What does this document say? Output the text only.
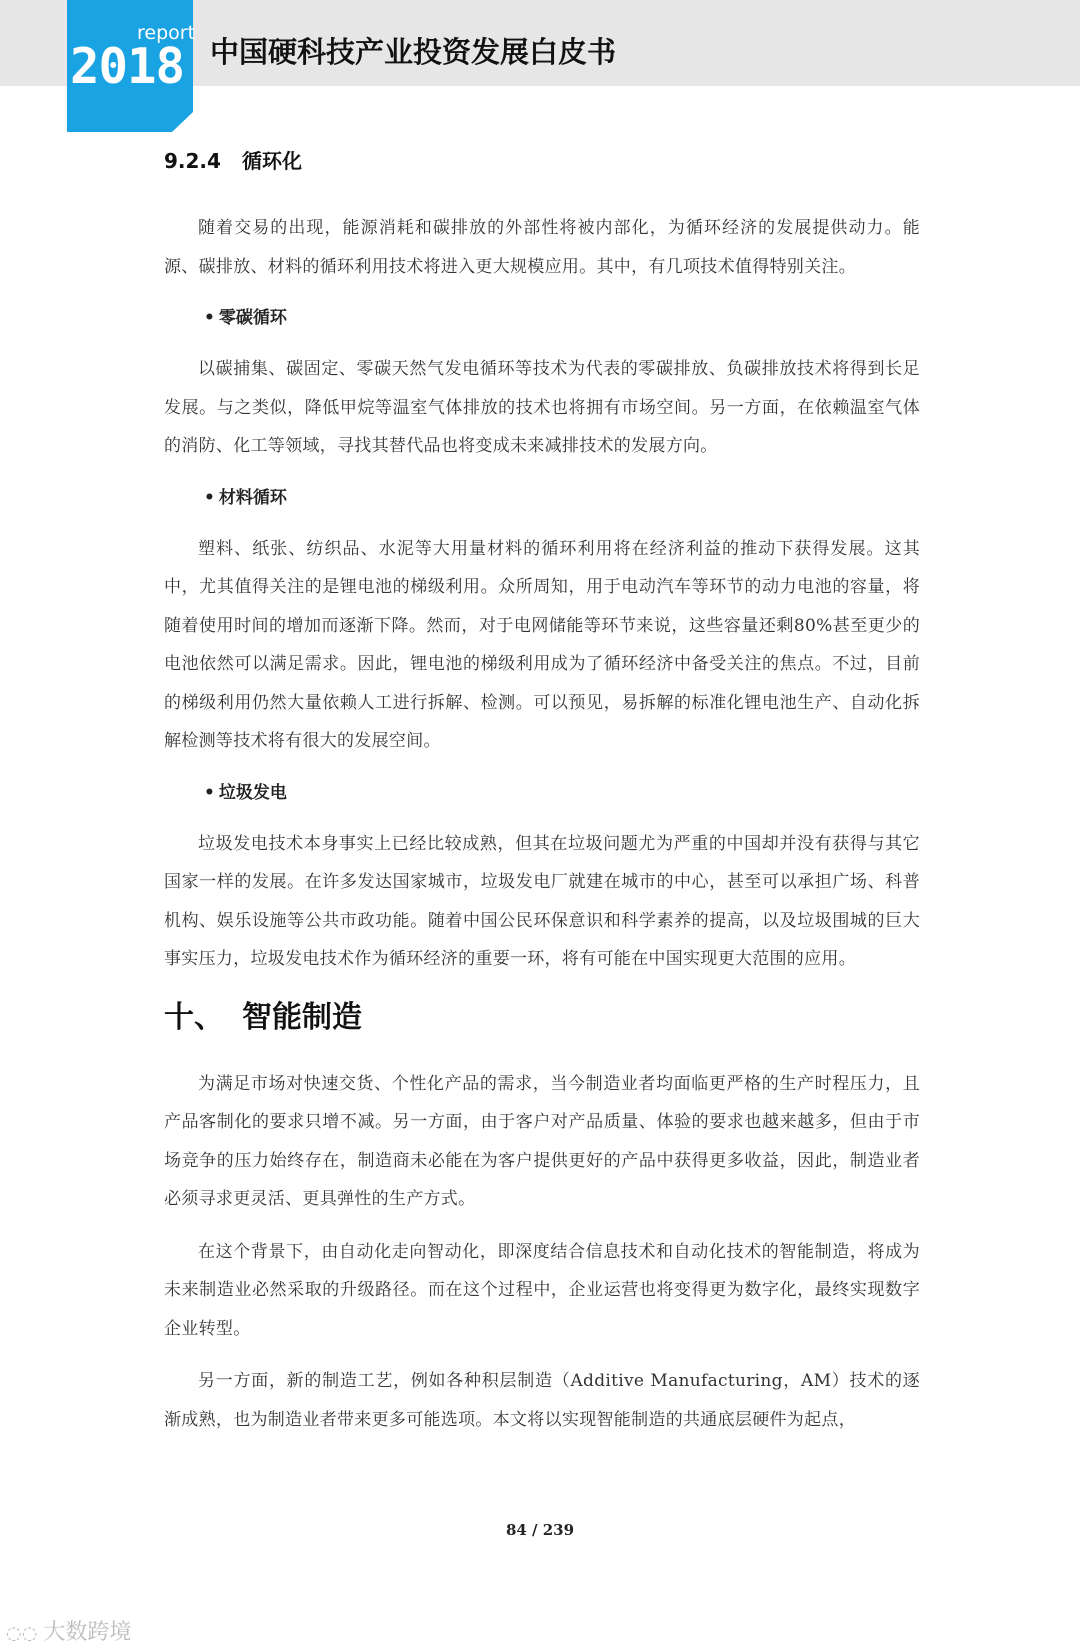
report
2018 中国硬科技产业投资发展白皮书
9.2.4 循环化

随着交易的出现，能源消耗和碳排放的外部性将被内部化，为循环经济的发展提供动力。能源、碳排放、材料的循环利用技术将进入更大规模应用。其中，有几项技术值得特别关注。

• 零碳循环

以碳捕集、碳固定、零碳天然气发电循环等技术为代表的零碳排放、负碳排放技术将得到长足发展。与之类似，降低甲烷等温室气体排放的技术也将拥有市场空间。另一方面，在依赖温室气体的消防、化工等领域，寻找其替代品也将变成未来减排技术的发展方向。

• 材料循环

塑料、纸张、纺织品、水泥等大用量材料的循环利用将在经济利益的推动下获得发展。这其中，尤其值得关注的是锂电池的梯级利用。众所周知，用于电动汽车等环节的动力电池的容量，将随着使用时间的增加而逐渐下降。然而，对于电网储能等环节来说，这些容量还剩80%甚至更少的电池依然可以满足需求。因此，锂电池的梯级利用成为了循环经济中备受关注的焦点。不过，目前的梯级利用仍然大量依赖人工进行拆解、检测。可以预见，易拆解的标准化锂电池生产、自动化拆解检测等技术将有很大的发展空间。

• 垃圾发电

垃圾发电技术本身事实上已经比较成熟，但其在垃圾问题尤为严重的中国却并没有获得与其它国家一样的发展。在许多发达国家城市，垃圾发电厂就建在城市的中心，甚至可以承担广场、科普机构、娱乐设施等公共市政功能。随着中国公民环保意识和科学素养的提高，以及垃圾围城的巨大事实压力，垃圾发电技术作为循环经济的重要一环，将有可能在中国实现更大范围的应用。

十、 智能制造

为满足市场对快速交货、个性化产品的需求，当今制造业者均面临更严格的生产时程压力，且产品客制化的要求只增不减。另一方面，由于客户对产品质量、体验的要求也越来越多，但由于市场竞争的压力始终存在，制造商未必能在为客户提供更好的产品中获得更多收益，因此，制造业者必须寻求更灵活、更具弹性的生产方式。

在这个背景下，由自动化走向智动化，即深度结合信息技术和自动化技术的智能制造，将成为未来制造业必然采取的升级路径。而在这个过程中，企业运营也将变得更为数字化，最终实现数字企业转型。

另一方面，新的制造工艺，例如各种积层制造（Additive Manufacturing，AM）技术的逐渐成熟，也为制造业者带来更多可能选项。本文将以实现智能制造的共通底层硬件为起点，

84 / 239
◌◌ 大数跨境
